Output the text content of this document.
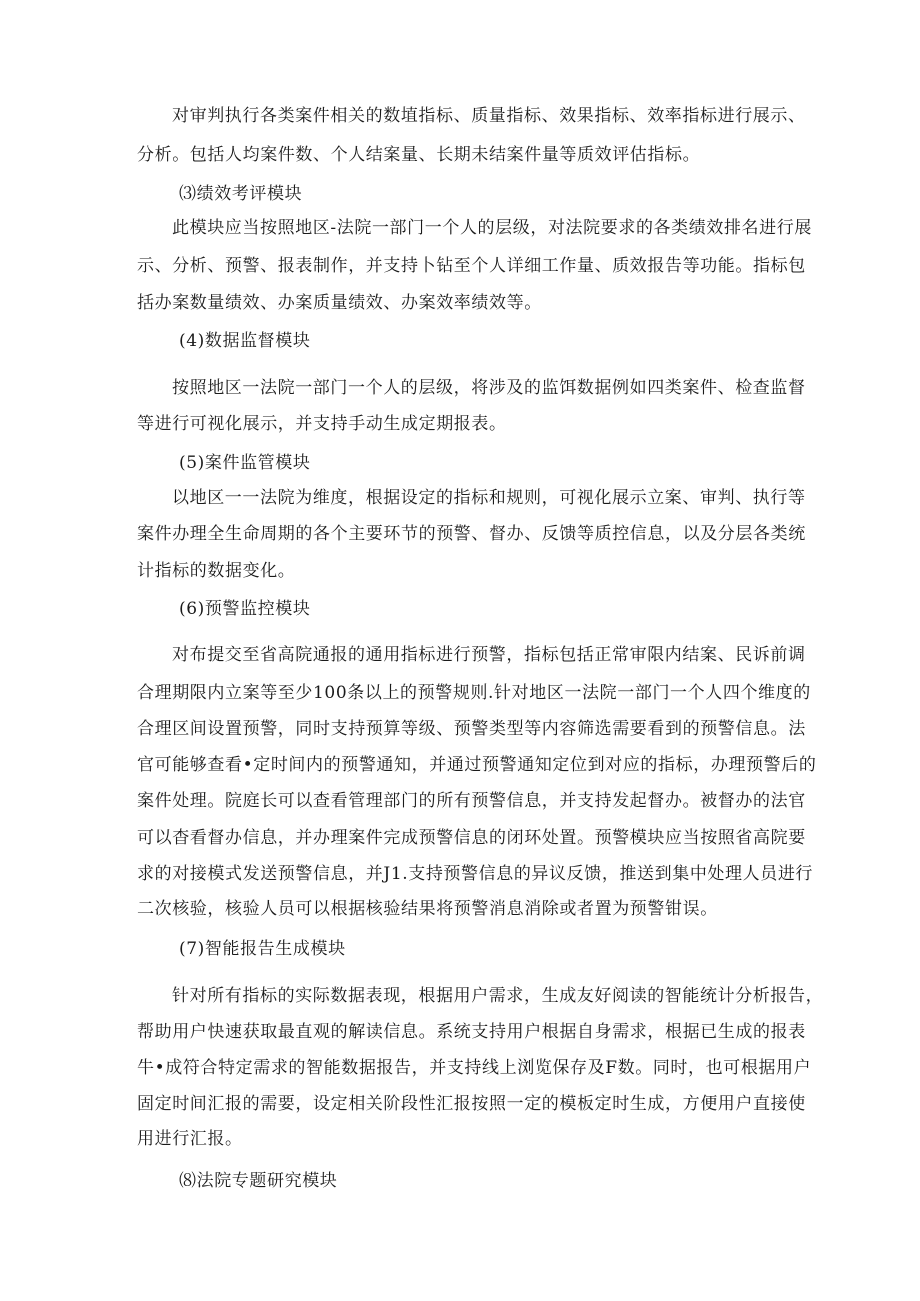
对审判执行各类案件相关的数埴指标、质量指标、效果指标、效率指标进行展示、

分析。包括人均案件数、个人结案量、长期未结案件量等质效评估指标。

⑶绩效考评模块

此模块应当按照地区-法院一部门一个人的层级，对法院要求的各类绩效排名进行展

示、分析、预警、报表制作，并支持卜钻至个人详细工作量、质效报告等功能。指标包

括办案数量绩效、办案质量绩效、办案效率绩效等。

(4)数据监督模块

按照地区一法院一部门一个人的层级，将涉及的监饵数据例如四类案件、检查监督

等进行可视化展示，并支持手动生成定期报表。

(5)案件监管模块

以地区一一法院为维度，根据设定的指标和规则，可视化展示立案、审判、执行等

案件办理全生命周期的各个主要环节的预警、督办、反馈等质控信息，以及分层各类统

计指标的数据变化。

(6)预警监控模块

对布提交至省高院通报的通用指标进行预警，指标包括正常审限内结案、民诉前调

合理期限内立案等至少100条以上的预警规则.针对地区一法院一部门一个人四个维度的

合理区间设置预警，同时支持预算等级、预警类型等内容筛选需要看到的预警信息。法

官可能够查看•定时间内的预警通知，并通过预警通知定位到对应的指标，办理预警后的

案件处理。院庭长可以查看管理部门的所有预警信息，并支持发起督办。被督办的法官

可以杳看督办信息，并办理案件完成预警信息的闭环处置。预警模块应当按照省高院要

求的对接模式发送预警信息，并J1.支持预警信息的异议反馈，推送到集中处理人员进行

二次核验，核验人员可以根据核验结果将预警消息消除或者置为预警钳误。

(7)智能报告生成模块

针对所有指标的实际数据表现，根据用户需求，生成友好阅读的智能统计分析报告，

帮助用户快速获取最直观的解读信息。系统支持用户根据自身需求，根据已生成的报表

牛•成符合特定需求的智能数据报告，并支持线上浏览保存及F数。同时，也可根据用户

固定时间汇报的需要，设定相关阶段性汇报按照一定的模板定时生成，方便用户直接使

用进行汇报。

⑻法院专题研究模块
